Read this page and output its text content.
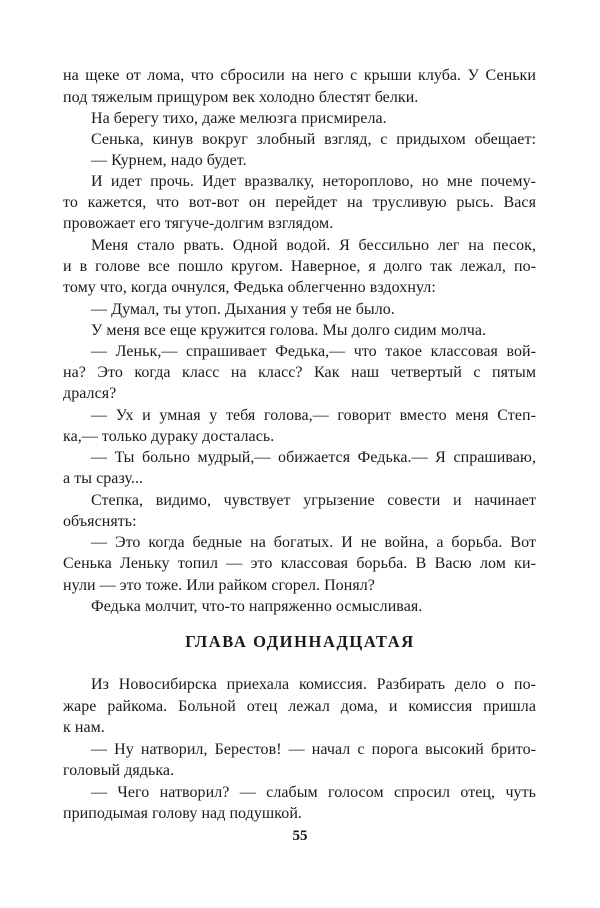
на щеке от лома, что сбросили на него с крыши клуба. У Сеньки
под тяжелым прищуром век холодно блестят белки.
На берегу тихо, даже мелюзга присмирела.
Сенька, кинув вокруг злобный взгляд, с придыхом обещает:
— Курнем, надо будет.
И идет прочь. Идет вразвалку, нетороплово, но мне почему-
то кажется, что вот-вот он перейдет на трусливую рысь. Вася
провожает его тягуче-долгим взглядом.
Меня стало рвать. Одной водой. Я бессильно лег на песок,
и в голове все пошло кругом. Наверное, я долго так лежал, по-
тому что, когда очнулся, Федька облегченно вздохнул:
— Думал, ты утоп. Дыхания у тебя не было.
У меня все еще кружится голова. Мы долго сидим молча.
— Леньк,— спрашивает Федька,— что такое классовая вой-
на? Это когда класс на класс? Как наш четвертый с пятым
дрался?
— Ух и умная у тебя голова,— говорит вместо меня Степ-
ка,— только дураку досталась.
— Ты больно мудрый,— обижается Федька.— Я спрашиваю,
а ты сразу...
Степка, видимо, чувствует угрызение совести и начинает
объяснять:
— Это когда бедные на богатых. И не война, а борьба. Вот
Сенька Леньку топил — это классовая борьба. В Васю лом ки-
нули — это тоже. Или райком сгорел. Понял?
Федька молчит, что-то напряженно осмысливая.
ГЛАВА ОДИННАДЦАТАЯ
Из Новосибирска приехала комиссия. Разбирать дело о по-
жаре райкома. Больной отец лежал дома, и комиссия пришла
к нам.
— Ну натворил, Берестов! — начал с порога высокий брито-
головый дядька.
— Чего натворил? — слабым голосом спросил отец, чуть
приподымая голову над подушкой.
55
